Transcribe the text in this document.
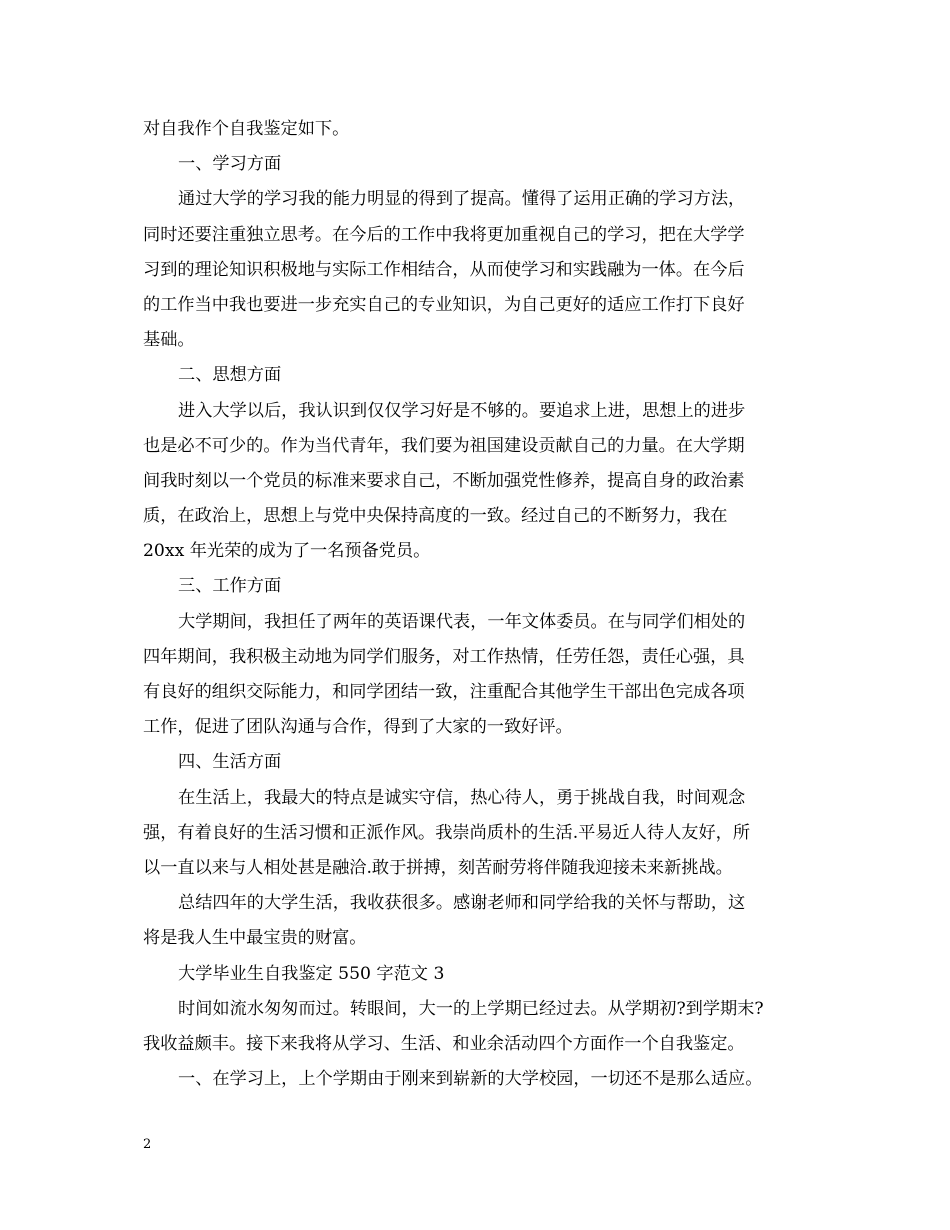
对自我作个自我鉴定如下。
一、学习方面
通过大学的学习我的能力明显的得到了提高。懂得了运用正确的学习方法，
同时还要注重独立思考。在今后的工作中我将更加重视自己的学习，把在大学学
习到的理论知识积极地与实际工作相结合，从而使学习和实践融为一体。在今后
的工作当中我也要进一步充实自己的专业知识，为自己更好的适应工作打下良好
基础。
二、思想方面
进入大学以后，我认识到仅仅学习好是不够的。要追求上进，思想上的进步
也是必不可少的。作为当代青年，我们要为祖国建设贡献自己的力量。在大学期
间我时刻以一个党员的标准来要求自己，不断加强党性修养，提高自身的政治素
质，在政治上，思想上与党中央保持高度的一致。经过自己的不断努力，我在
20xx 年光荣的成为了一名预备党员。
三、工作方面
大学期间，我担任了两年的英语课代表，一年文体委员。在与同学们相处的
四年期间，我积极主动地为同学们服务，对工作热情，任劳任怨，责任心强，具
有良好的组织交际能力，和同学团结一致，注重配合其他学生干部出色完成各项
工作，促进了团队沟通与合作，得到了大家的一致好评。
四、生活方面
在生活上，我最大的特点是诚实守信，热心待人，勇于挑战自我，时间观念
强，有着良好的生活习惯和正派作风。我崇尚质朴的生活.平易近人待人友好，所
以一直以来与人相处甚是融洽.敢于拼搏，刻苦耐劳将伴随我迎接未来新挑战。
总结四年的大学生活，我收获很多。感谢老师和同学给我的关怀与帮助，这
将是我人生中最宝贵的财富。
大学毕业生自我鉴定 550 字范文 3
时间如流水匆匆而过。转眼间，大一的上学期已经过去。从学期初?到学期末?
我收益颇丰。接下来我将从学习、生活、和业余活动四个方面作一个自我鉴定。
一、在学习上，上个学期由于刚来到崭新的大学校园，一切还不是那么适应。
2
